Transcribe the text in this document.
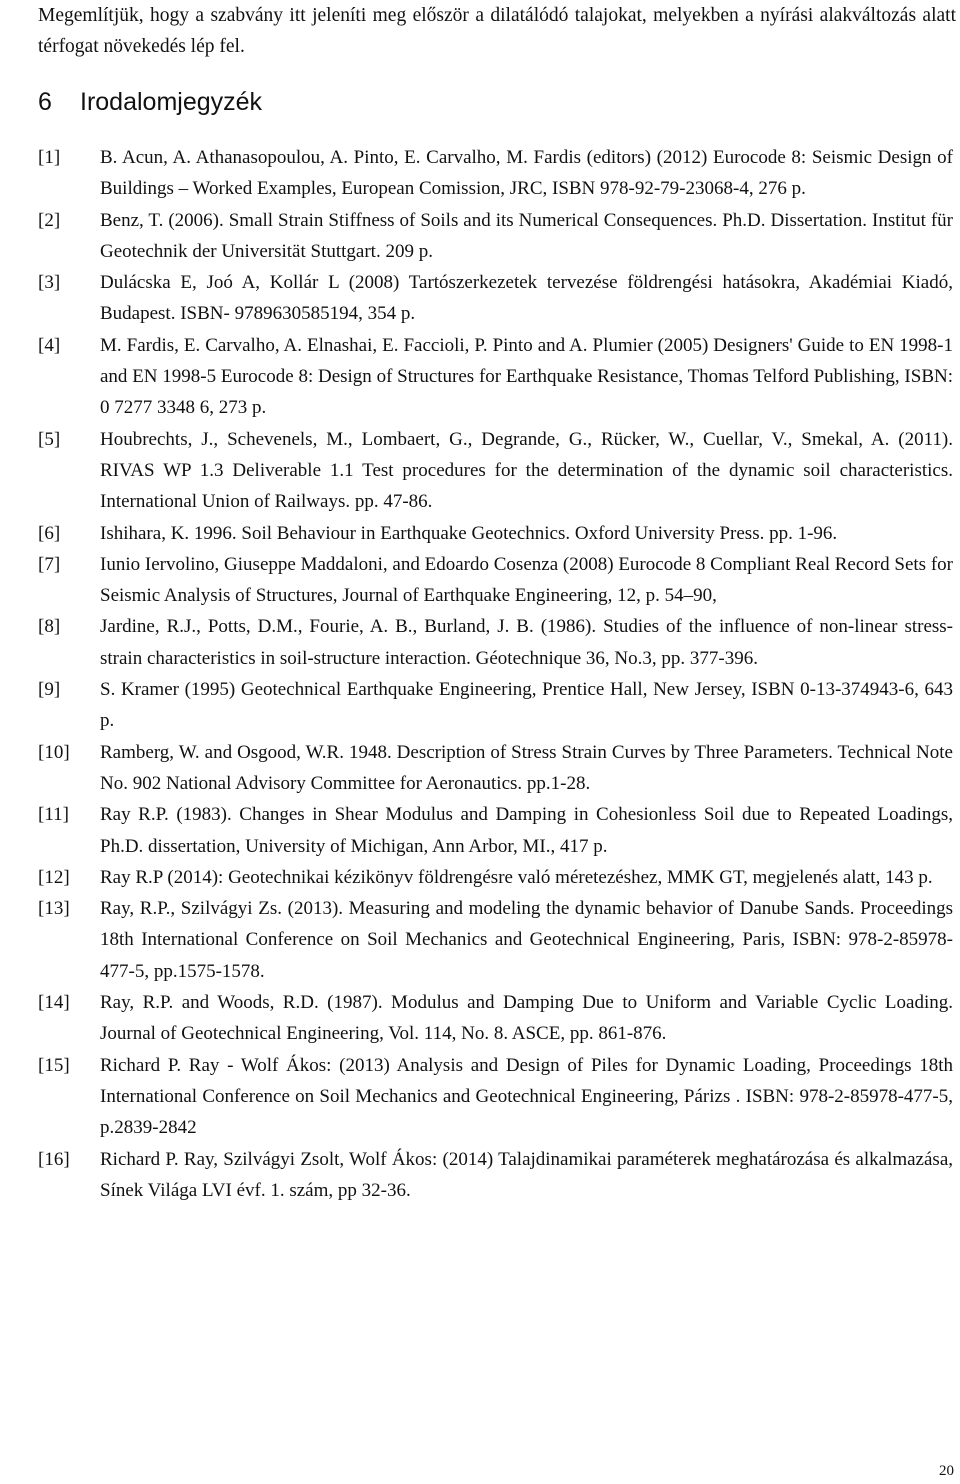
Megemlítjük, hogy a szabvány itt jeleníti meg először a dilatálódó talajokat, melyekben a nyírási alakváltozás alatt térfogat növekedés lép fel.

6 Irodalomjegyzék
[1]	B. Acun, A. Athanasopoulou, A. Pinto, E. Carvalho, M. Fardis (editors) (2012) Eurocode 8: Seismic Design of Buildings – Worked Examples, European Comission, JRC, ISBN 978-92-79-23068-4, 276 p.
[2]	Benz, T. (2006). Small Strain Stiffness of Soils and its Numerical Consequences. Ph.D. Dissertation. Institut für Geotechnik der Universität Stuttgart. 209 p.
[3]	Dulácska E, Joó A, Kollár L (2008) Tartószerkezetek tervezése földrengési hatásokra, Akadémiai Kiadó, Budapest. ISBN- 9789630585194, 354 p.
[4]	M. Fardis, E. Carvalho, A. Elnashai, E. Faccioli, P. Pinto and A. Plumier (2005) Designers' Guide to EN 1998-1 and EN 1998-5 Eurocode 8: Design of Structures for Earthquake Resistance, Thomas Telford Publishing, ISBN: 0 7277 3348 6, 273 p.
[5]	Houbrechts, J., Schevenels, M., Lombaert, G., Degrande, G., Rücker, W., Cuellar, V., Smekal, A. (2011). RIVAS WP 1.3 Deliverable 1.1 Test procedures for the determination of the dynamic soil characteristics. International Union of Railways. pp. 47-86.
[6]	Ishihara, K. 1996. Soil Behaviour in Earthquake Geotechnics. Oxford University Press. pp. 1-96.
[7]	Iunio Iervolino, Giuseppe Maddaloni, and Edoardo Cosenza (2008) Eurocode 8 Compliant Real Record Sets for Seismic Analysis of Structures, Journal of Earthquake Engineering, 12, p. 54–90,
[8]	Jardine, R.J., Potts, D.M., Fourie, A. B., Burland, J. B. (1986). Studies of the influence of non-linear stress-strain characteristics in soil-structure interaction. Géotechnique 36, No.3, pp. 377-396.
[9]	S. Kramer (1995) Geotechnical Earthquake Engineering, Prentice Hall, New Jersey, ISBN 0-13-374943-6, 643 p.
[10]	Ramberg, W. and Osgood, W.R. 1948. Description of Stress Strain Curves by Three Parameters. Technical Note No. 902 National Advisory Committee for Aeronautics. pp.1-28.
[11]	Ray R.P. (1983). Changes in Shear Modulus and Damping in Cohesionless Soil due to Repeated Loadings, Ph.D. dissertation, University of Michigan, Ann Arbor, MI., 417 p.
[12]	Ray R.P (2014): Geotechnikai kézikönyv földrengésre való méretezéshez, MMK GT, megjelenés alatt, 143 p.
[13]	Ray, R.P., Szilvágyi Zs. (2013). Measuring and modeling the dynamic behavior of Danube Sands. Proceedings 18th International Conference on Soil Mechanics and Geotechnical Engineering, Paris, ISBN: 978-2-85978-477-5, pp.1575-1578.
[14]	Ray, R.P. and Woods, R.D. (1987). Modulus and Damping Due to Uniform and Variable Cyclic Loading. Journal of Geotechnical Engineering, Vol. 114, No. 8. ASCE, pp. 861-876.
[15]	Richard P. Ray - Wolf Ákos: (2013) Analysis and Design of Piles for Dynamic Loading, Proceedings 18th International Conference on Soil Mechanics and Geotechnical Engineering, Párizs . ISBN: 978-2-85978-477-5, p.2839-2842
[16]	Richard P. Ray, Szilvágyi Zsolt, Wolf Ákos: (2014) Talajdinamikai paraméterek meghatározása és alkalmazása, Sínek Világa LVI évf. 1. szám, pp 32-36.
20
